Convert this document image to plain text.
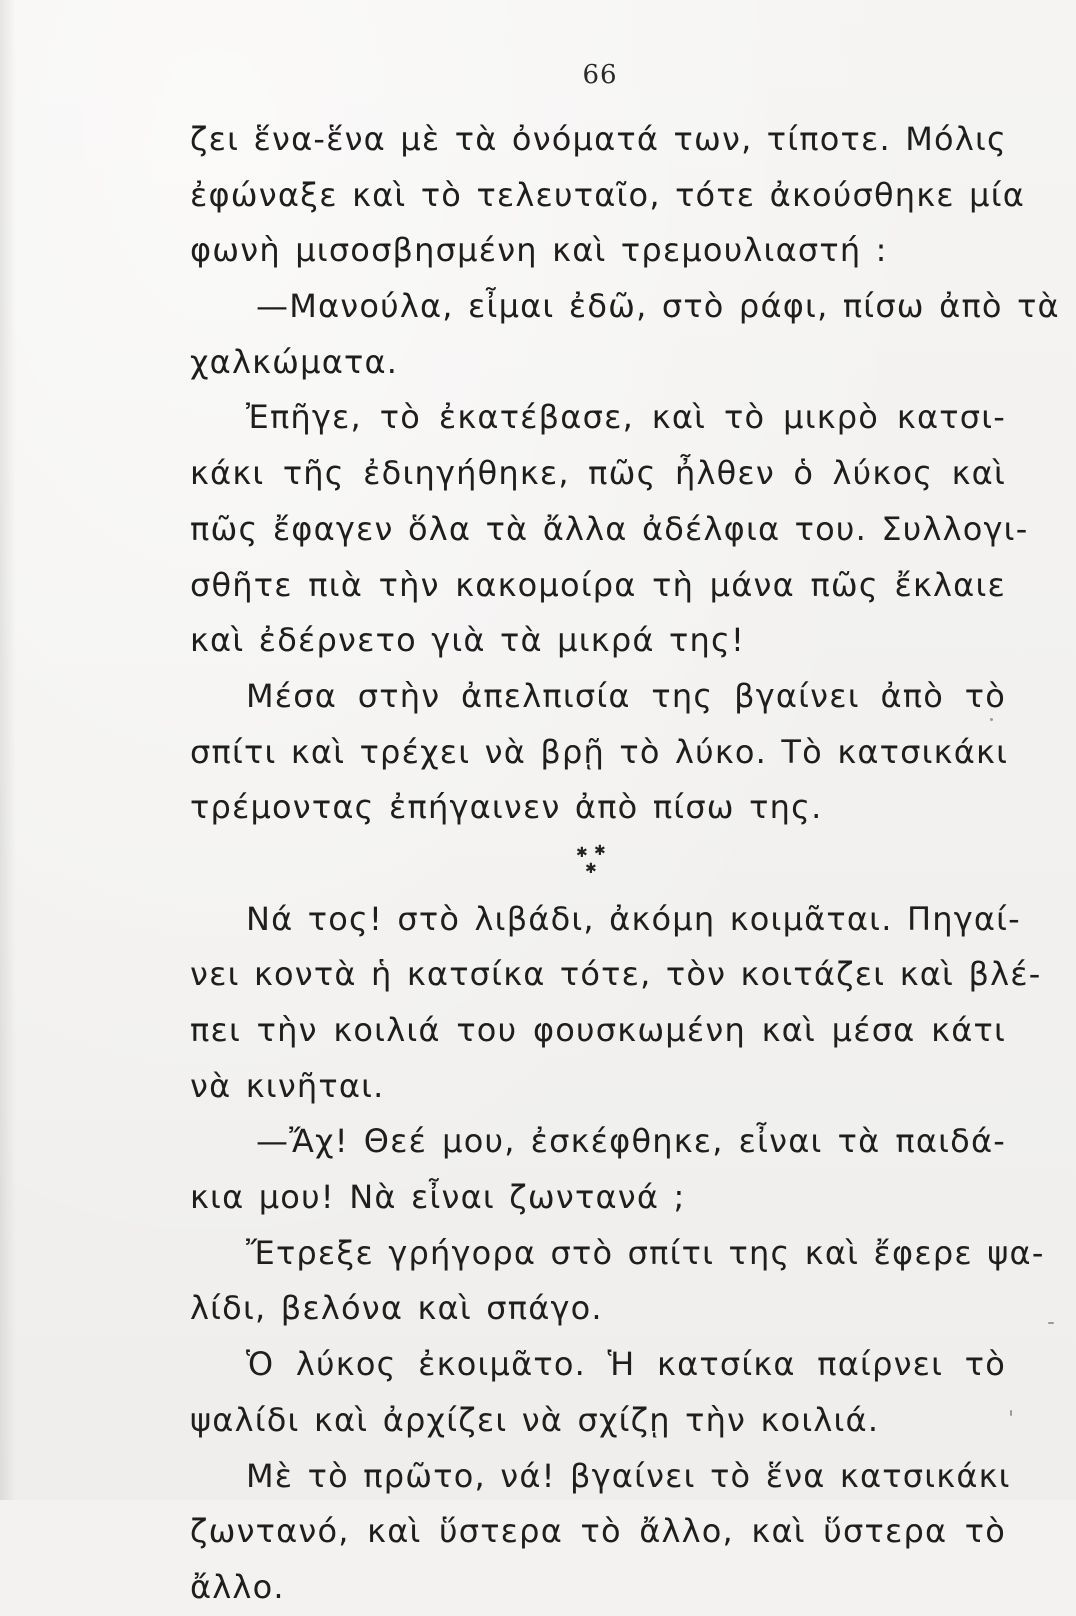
66
ζει ἕνα-ἕνα μὲ τὰ ὀνόματά των, τίποτε. Μόλις
ἐφώναξε καὶ τὸ τελευταῖο, τότε ἀκούσθηκε μία
φωνὴ μισοσβησμένη καὶ τρεμουλιαστή :
—Μανούλα, εἶμαι ἐδῶ, στὸ ράφι, πίσω ἀπὸ τὰ
χαλκώματα.
Ἐπῆγε, τὸ ἐκατέβασε, καὶ τὸ μικρὸ κατσι-
κάκι τῆς ἐδιηγήθηκε, πῶς ἦλθεν ὁ λύκος καὶ
πῶς ἔφαγεν ὅλα τὰ ἄλλα ἀδέλφια του. Συλλογι-
σθῆτε πιὰ τὴν κακομοίρα τὴ μάνα πῶς ἔκλαιε
καὶ ἐδέρνετο γιὰ τὰ μικρά της!
Μέσα στὴν ἀπελπισία της βγαίνει ἀπὸ τὸ
σπίτι καὶ τρέχει νὰ βρῇ τὸ λύκο. Τὸ κατσικάκι
τρέμοντας ἐπήγαινεν ἀπὸ πίσω της.
✱ ✱
✱
Νά τος! στὸ λιβάδι, ἀκόμη κοιμᾶται. Πηγαί-
νει κοντὰ ἡ κατσίκα τότε, τὸν κοιτάζει καὶ βλέ-
πει τὴν κοιλιά του φουσκωμένη καὶ μέσα κάτι
νὰ κινῆται.
—Ἄχ! Θεέ μου, ἐσκέφθηκε, εἶναι τὰ παιδά-
κια μου! Νὰ εἶναι ζωντανά ;
Ἔτρεξε γρήγορα στὸ σπίτι της καὶ ἔφερε ψα-
λίδι, βελόνα καὶ σπάγο.
Ὁ λύκος ἐκοιμᾶτο. Ἡ κατσίκα παίρνει τὸ
ψαλίδι καὶ ἀρχίζει νὰ σχίζῃ τὴν κοιλιά.
Μὲ τὸ πρῶτο, νά! βγαίνει τὸ ἕνα κατσικάκι
ζωντανό, καὶ ὕστερα τὸ ἄλλο, καὶ ὕστερα τὸ
ἄλλο.
